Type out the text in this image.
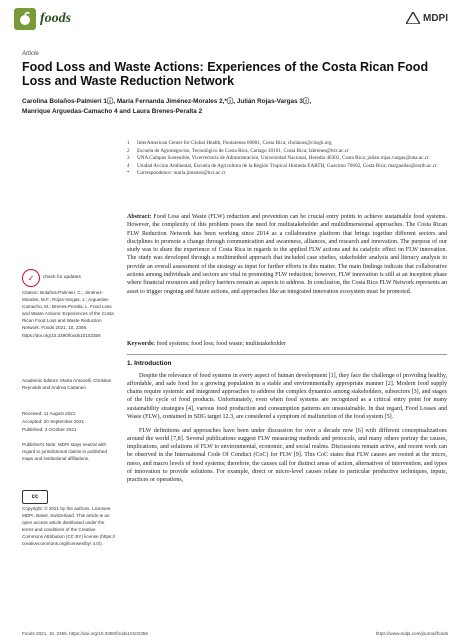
foods	MDPI
Article
Food Loss and Waste Actions: Experiences of the Costa Rican Food Loss and Waste Reduction Network
Carolina Bolaños-Palmieri 1ⓘ, María Fernanda Jiménez-Morales 2,*ⓘ, Julián Rojas-Vargas 3ⓘ,
Manrique Arguedas-Camacho 4 and Laura Brenes-Peralta 2
1	InterAmerican Center for Global Health, Puntarenas 60801, Costa Rica; cbolanos@ciisgh.org
2	Escuela de Agronegocios, Tecnológico de Costa Rica, Cartago 30101, Costa Rica; labrenes@itcr.ac.cr
3	UNA Campus Sostenible, Vicerrectoría de Administración, Universidad Nacional, Heredia 40302, Costa Rica; julian.rojas.vargas@una.ac.cr
4	Unidad Acción Ambiental, Escuela de Agricultura de la Región Tropical Húmeda EARTH, Guácimo 70602, Costa Rica; marguedas@earth.ac.cr
*	Correspondence: maria.jimenez@itcr.ac.cr
Abstract: Food Loss and Waste (FLW) reduction and prevention can be crucial entry points to achieve sustainable food systems. However, the complexity of this problem poses the need for multistakeholder and multidimensional approaches. The Costa Rican FLW Reduction Network has been working since 2014 as a collaborative platform that brings together different sectors and disciplines to promote a change through communication and awareness, alliances, and research and innovation. The purpose of our study was to share the experience of Costa Rica in regards to the applied FLW actions and its catalytic effect on FLW innovation. The study was developed through a multimethod approach that included case studies, stakeholder analysis and literacy analysis to provide an overall assessment of the strategy as input for further efforts in this matter. The main findings indicate that collaborative actions among individuals and sectors are vital in promoting FLW reduction; however, FLW innovation is still at an inception phase where financial resources and policy barriers remain as aspects to address. In conclusion, the Costa Rica FLW Network represents an asset to trigger ongoing and future actions, and approaches like an integrated innovation ecosystem must be promoted.
Keywords: food systems; food loss; food waste; multistakeholder
✓	check for updates
Citation: Bolaños-Palmieri, C.; Jiménez-Morales, M.F.; Rojas-Vargas, J.; Arguedas-Camacho, M.; Brenes-Peralta, L. Food Loss and Waste Actions: Experiences of the Costa Rican Food Loss and Waste Reduction Network. Foods 2021, 10, 2356. https://doi.org/10.3390/foods10102356
Academic Editors: Marta Antonelli, Christian Reynolds and Andrea Cattaneo
Received: 11 August 2021
Accepted: 20 September 2021
Published: 3 October 2021
Publisher's Note: MDPI stays neutral with regard to jurisdictional claims in published maps and institutional affiliations.
cc
Copyright: © 2021 by the authors. Licensee MDPI, Basel, Switzerland. This article is an open access article distributed under the terms and conditions of the Creative Commons Attribution (CC BY) license (https:// creativecommons.org/licenses/by/ 4.0/).
1. Introduction

Despite the relevance of food systems in every aspect of human development [1], they face the challenge of providing healthy, affordable, and safe food for a growing population in a stable and environmentally appropriate manner [2]. Modern food supply chains require systemic and integrated approaches to address the complex dynamics among stakeholders, subsectors [3], and stages of the life cycle of food products. Unfortunately, even when food systems are recognized as a critical entry point for many sustainability strategies [4], various food production and consumption patterns are unsustainable. In that regard, Food Losses and Waste (FLW), contained in SDG target 12.3, are considered a symptom of malfunction of the food system [5].

FLW definitions and approaches have been under discussion for over a decade now [6] with different conceptualizations around the world [7,8]. Several publications suggest FLW measuring methods and protocols, and many others portray the causes, implications, and solutions of FLW to environmental, economic, and social realms. Discussions remain active, and recent work can be observed in the International Code Of Conduct (CoC) for FLW [9]. This CoC states that FLW causes are rooted at the micro, meso, and macro levels of food systems; therefore, the causes call for distinct areas of action, alternatives of intervention, and types of innovation to provide solutions. For example, direct or micro-level causes relate to particular productive techniques, inputs, practices or operations,

Foods 2021, 10, 2356. https://doi.org/10.3390/foods10102356	https://www.mdpi.com/journal/foods
